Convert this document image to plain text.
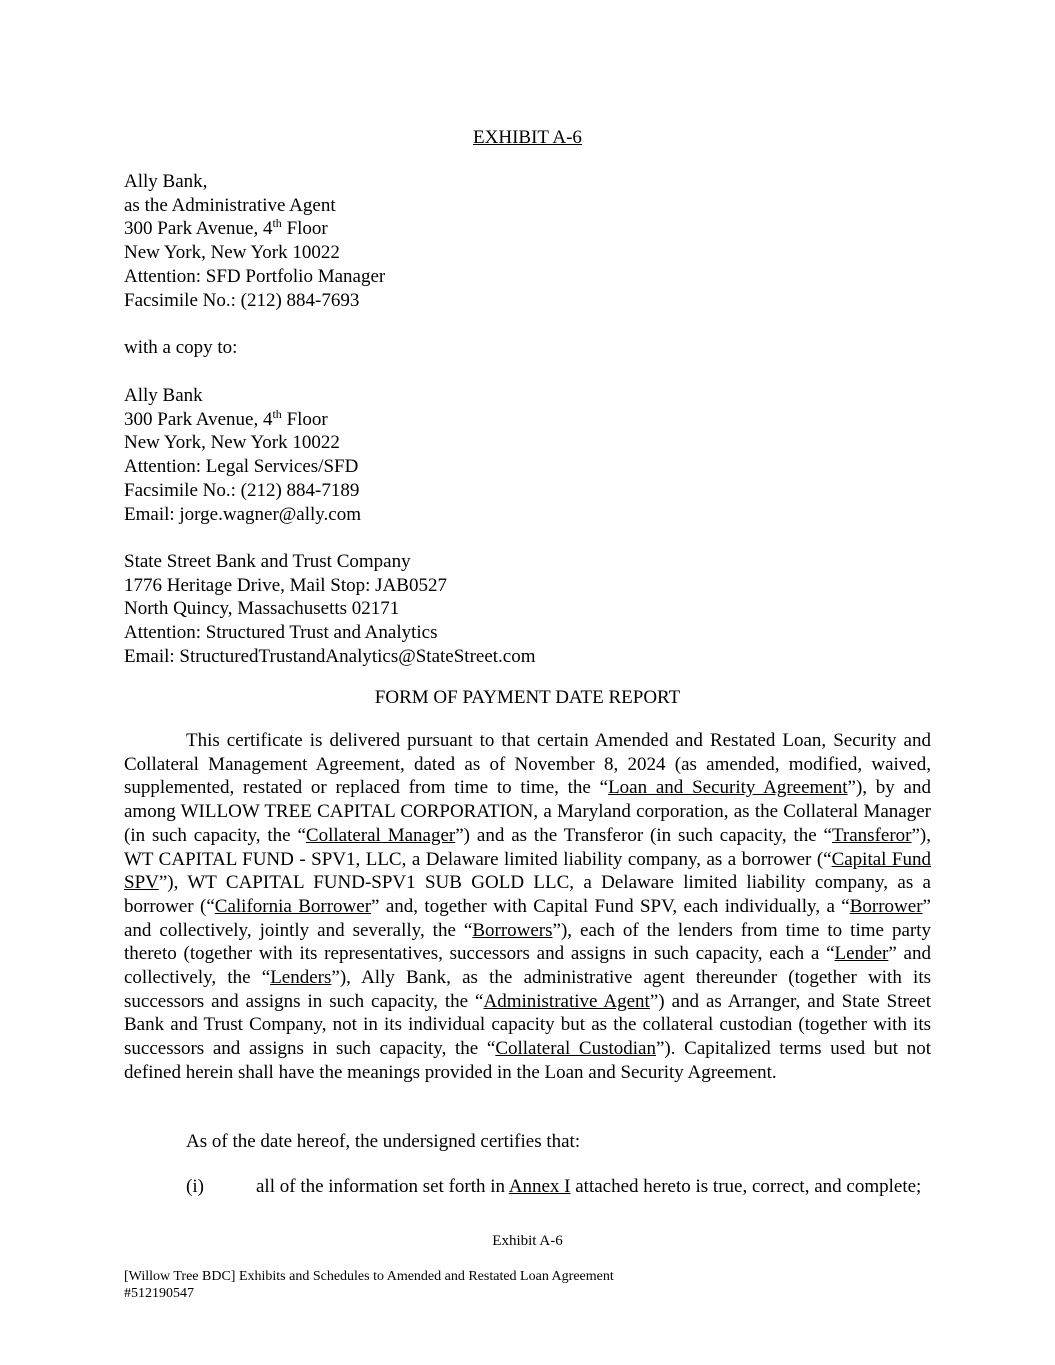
EXHIBIT A-6
Ally Bank,
as the Administrative Agent
300 Park Avenue, 4th Floor
New York, New York 10022
Attention: SFD Portfolio Manager
Facsimile No.: (212) 884-7693
with a copy to:
Ally Bank
300 Park Avenue, 4th Floor
New York, New York 10022
Attention: Legal Services/SFD
Facsimile No.: (212) 884-7189
Email: jorge.wagner@ally.com
State Street Bank and Trust Company
1776 Heritage Drive, Mail Stop: JAB0527
North Quincy, Massachusetts 02171
Attention: Structured Trust and Analytics
Email: StructuredTrustandAnalytics@StateStreet.com
FORM OF PAYMENT DATE REPORT

This certificate is delivered pursuant to that certain Amended and Restated Loan, Security and Collateral Management Agreement, dated as of November 8, 2024 (as amended, modified, waived, supplemented, restated or replaced from time to time, the “Loan and Security Agreement”), by and among WILLOW TREE CAPITAL CORPORATION, a Maryland corporation, as the Collateral Manager (in such capacity, the “Collateral Manager”) and as the Transferor (in such capacity, the “Transferor”), WT CAPITAL FUND - SPV1, LLC, a Delaware limited liability company, as a borrower (“Capital Fund SPV”), WT CAPITAL FUND-SPV1 SUB GOLD LLC, a Delaware limited liability company, as a borrower (“California Borrower” and, together with Capital Fund SPV, each individually, a “Borrower” and collectively, jointly and severally, the “Borrowers”), each of the lenders from time to time party thereto (together with its representatives, successors and assigns in such capacity, each a “Lender” and collectively, the “Lenders”), Ally Bank, as the administrative agent thereunder (together with its successors and assigns in such capacity, the “Administrative Agent”) and as Arranger, and State Street Bank and Trust Company, not in its individual capacity but as the collateral custodian (together with its successors and assigns in such capacity, the “Collateral Custodian”). Capitalized terms used but not defined herein shall have the meanings provided in the Loan and Security Agreement.

As of the date hereof, the undersigned certifies that:

(i)	all of the information set forth in Annex I attached hereto is true, correct, and complete;

Exhibit A-6
[Willow Tree BDC] Exhibits and Schedules to Amended and Restated Loan Agreement
#512190547
